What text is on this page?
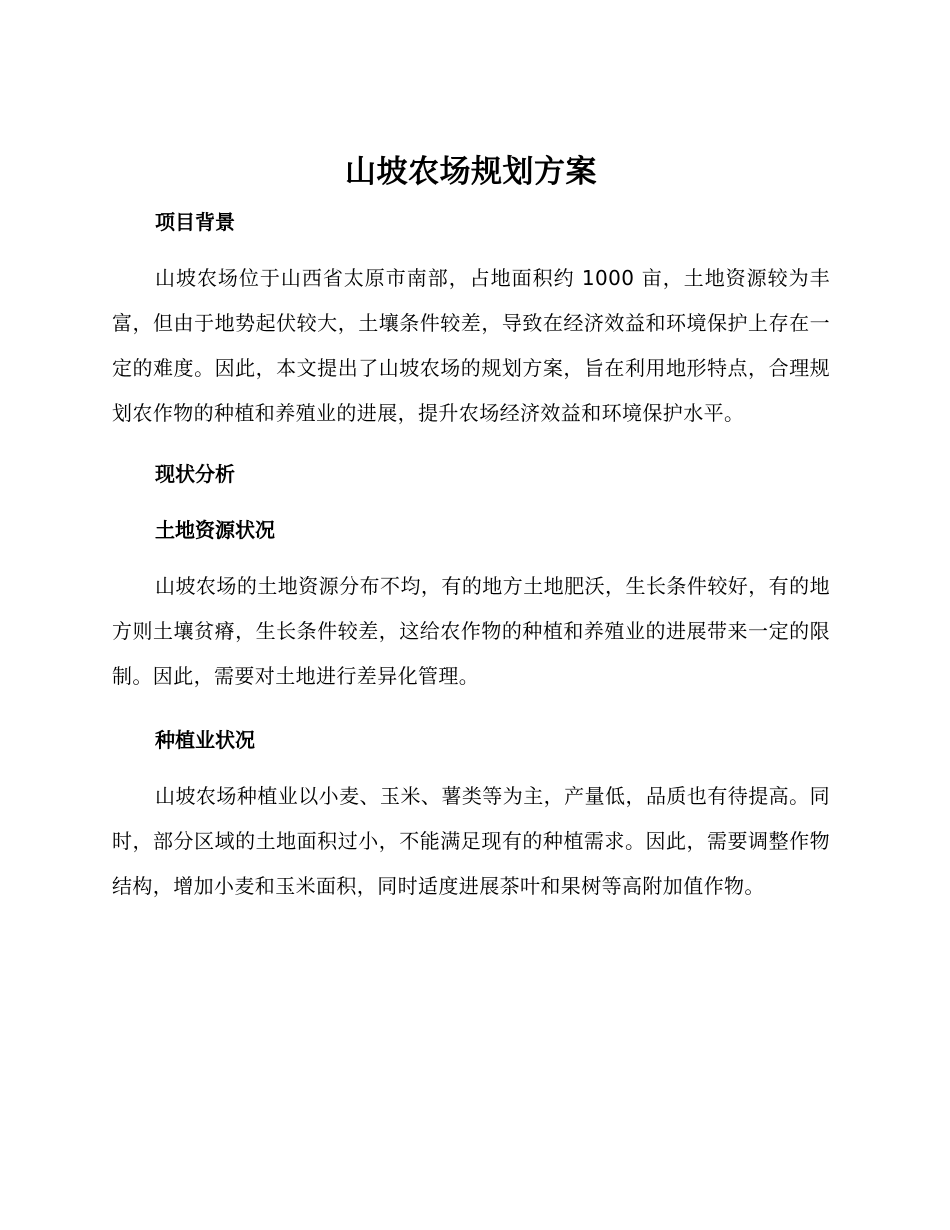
山坡农场规划方案
项目背景

山坡农场位于山西省太原市南部，占地面积约 1000 亩，土地资源较为丰富，但由于地势起伏较大，土壤条件较差，导致在经济效益和环境保护上存在一定的难度。因此，本文提出了山坡农场的规划方案，旨在利用地形特点，合理规划农作物的种植和养殖业的进展，提升农场经济效益和环境保护水平。

现状分析
土地资源状况

山坡农场的土地资源分布不均，有的地方土地肥沃，生长条件较好，有的地方则土壤贫瘠，生长条件较差，这给农作物的种植和养殖业的进展带来一定的限制。因此，需要对土地进行差异化管理。

种植业状况

山坡农场种植业以小麦、玉米、薯类等为主，产量低，品质也有待提高。同时，部分区域的土地面积过小，不能满足现有的种植需求。因此，需要调整作物结构，增加小麦和玉米面积，同时适度进展茶叶和果树等高附加值作物。
